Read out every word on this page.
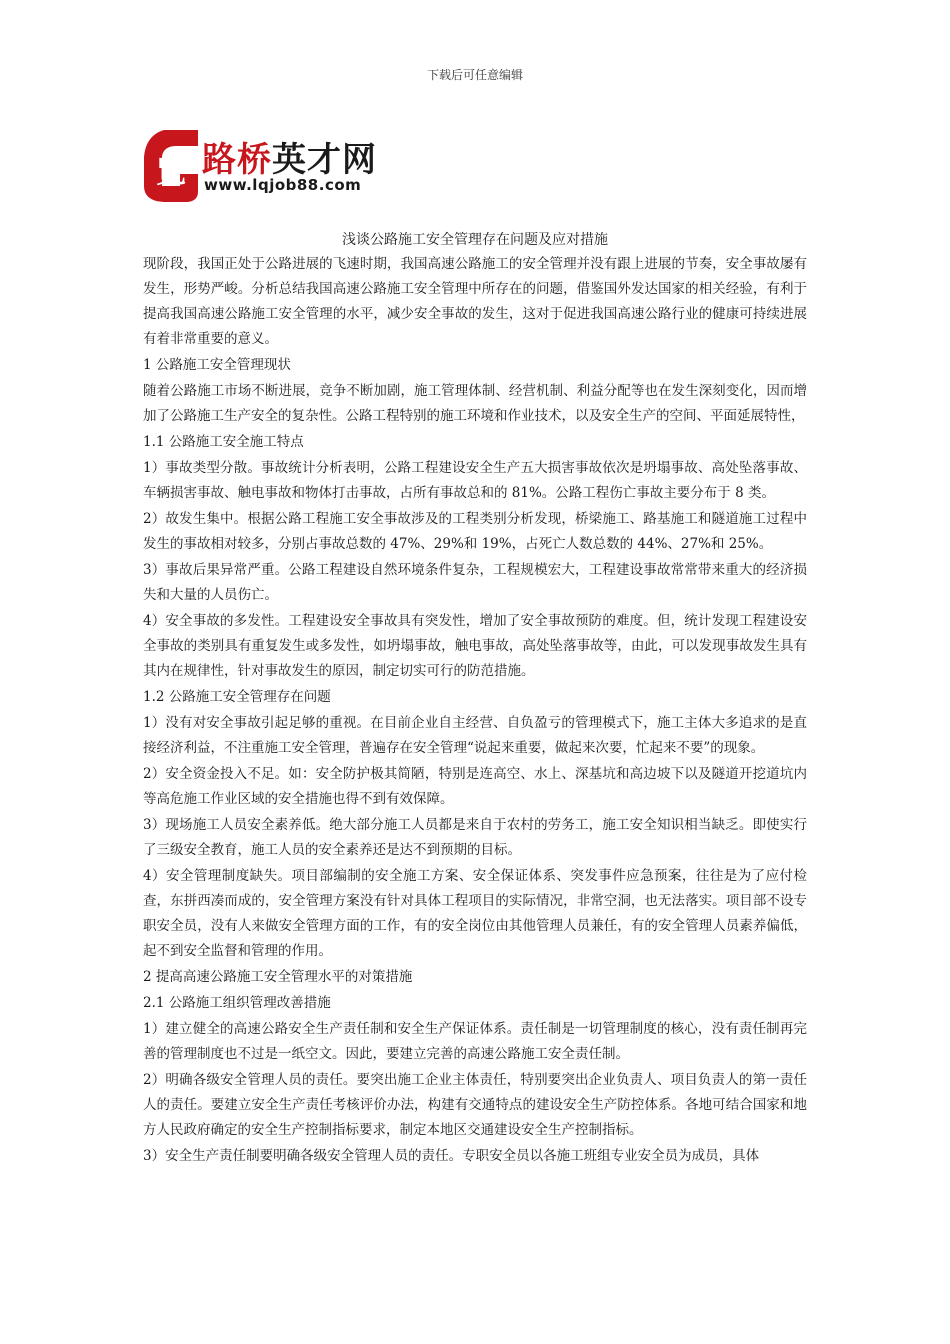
下载后可任意编辑
览 路桥英才网
www.lqjob88.com
浅谈公路施工安全管理存在问题及应对措施

现阶段，我国正处于公路进展的飞速时期，我国高速公路施工的安全管理并没有跟上进展的节奏，安全事故屡有发生，形势严峻。分析总结我国高速公路施工安全管理中所存在的问题，借鉴国外发达国家的相关经验，有利于提高我国高速公路施工安全管理的水平，减少安全事故的发生，这对于促进我国高速公路行业的健康可持续进展有着非常重要的意义。

1 公路施工安全管理现状

随着公路施工市场不断进展，竞争不断加剧，施工管理体制、经营机制、利益分配等也在发生深刻变化，因而增加了公路施工生产安全的复杂性。公路工程特别的施工环境和作业技术，以及安全生产的空间、平面延展特性，

1.1 公路施工安全施工特点

1）事故类型分散。事故统计分析表明，公路工程建设安全生产五大损害事故依次是坍塌事故、高处坠落事故、车辆损害事故、触电事故和物体打击事故，占所有事故总和的 81%。公路工程伤亡事故主要分布于 8 类。

2）故发生集中。根据公路工程施工安全事故涉及的工程类别分析发现，桥梁施工、路基施工和隧道施工过程中发生的事故相对较多，分别占事故总数的 47%、29%和 19%，占死亡人数总数的 44%、27%和 25%。

3）事故后果异常严重。公路工程建设自然环境条件复杂，工程规模宏大，工程建设事故常常带来重大的经济损失和大量的人员伤亡。

4）安全事故的多发性。工程建设安全事故具有突发性，增加了安全事故预防的难度。但，统计发现工程建设安全事故的类别具有重复发生或多发性，如坍塌事故，触电事故，高处坠落事故等，由此，可以发现事故发生具有其内在规律性，针对事故发生的原因，制定切实可行的防范措施。

1.2 公路施工安全管理存在问题

1）没有对安全事故引起足够的重视。在目前企业自主经营、自负盈亏的管理模式下，施工主体大多追求的是直接经济利益，不注重施工安全管理，普遍存在安全管理“说起来重要，做起来次要，忙起来不要”的现象。

2）安全资金投入不足。如：安全防护极其简陋，特别是连高空、水上、深基坑和高边坡下以及隧道开挖道坑内等高危施工作业区域的安全措施也得不到有效保障。

3）现场施工人员安全素养低。绝大部分施工人员都是来自于农村的劳务工，施工安全知识相当缺乏。即使实行了三级安全教育，施工人员的安全素养还是达不到预期的目标。

4）安全管理制度缺失。项目部编制的安全施工方案、安全保证体系、突发事件应急预案，往往是为了应付检查，东拼西凑而成的，安全管理方案没有针对具体工程项目的实际情况，非常空洞，也无法落实。项目部不设专职安全员，没有人来做安全管理方面的工作，有的安全岗位由其他管理人员兼任，有的安全管理人员素养偏低，起不到安全监督和管理的作用。

2 提高高速公路施工安全管理水平的对策措施

2.1 公路施工组织管理改善措施

1）建立健全的高速公路安全生产责任制和安全生产保证体系。责任制是一切管理制度的核心，没有责任制再完善的管理制度也不过是一纸空文。因此，要建立完善的高速公路施工安全责任制。

2）明确各级安全管理人员的责任。要突出施工企业主体责任，特别要突出企业负责人、项目负责人的第一责任人的责任。要建立安全生产责任考核评价办法，构建有交通特点的建设安全生产防控体系。各地可结合国家和地方人民政府确定的安全生产控制指标要求，制定本地区交通建设安全生产控制指标。

3）安全生产责任制要明确各级安全管理人员的责任。专职安全员以各施工班组专业安全员为成员，具体
